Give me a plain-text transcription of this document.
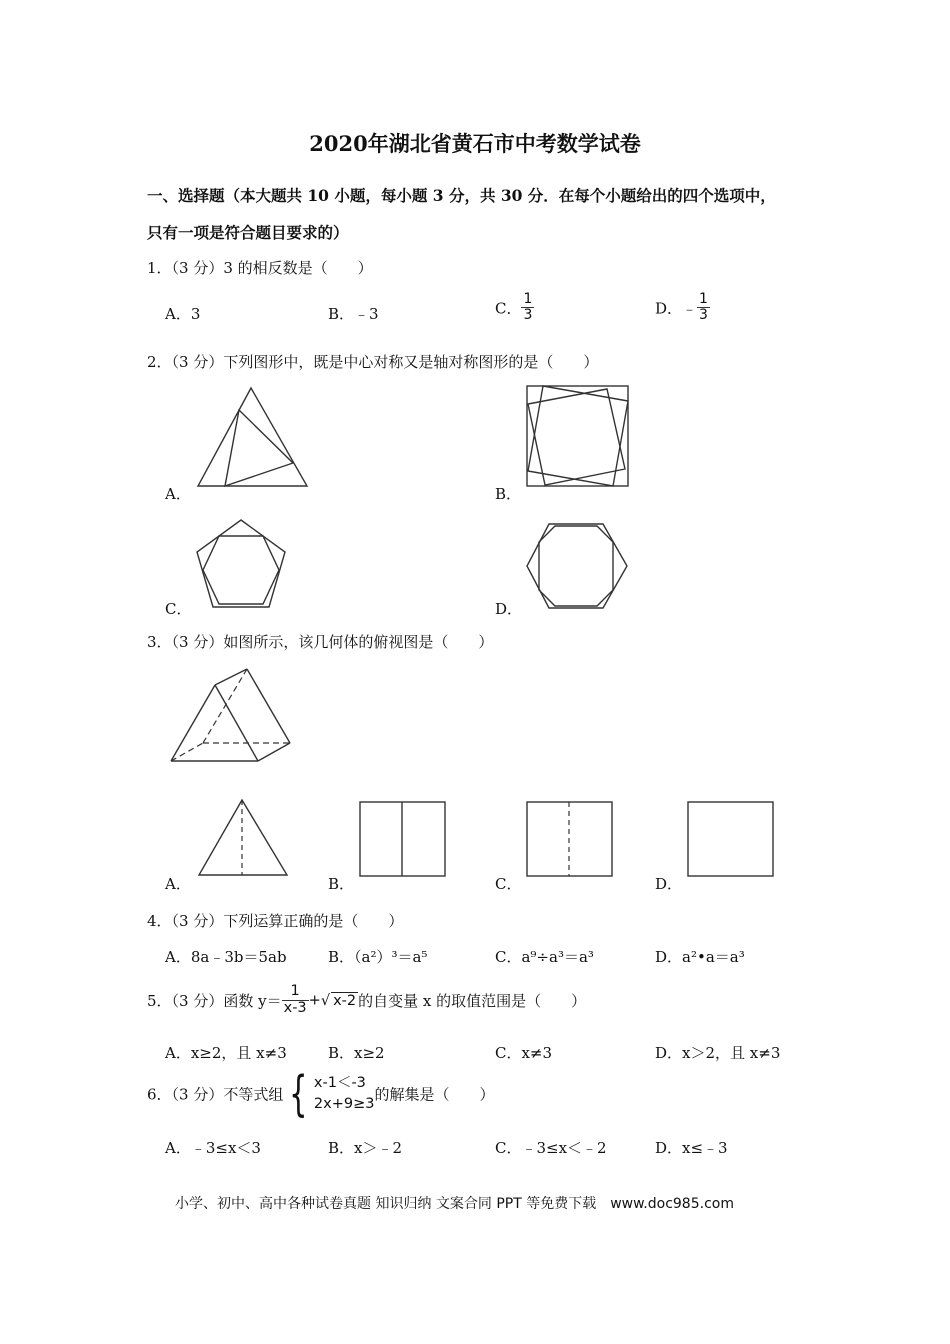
2020年湖北省黄石市中考数学试卷
一、选择题（本大题共 10 小题，每小题 3 分，共 30 分．在每个小题给出的四个选项中，
只有一项是符合题目要求的）
1．（3 分）3 的相反数是（　　）
A．3	B．﹣3	C． $\frac{1}{3}$	D．﹣ $\frac{1}{3}$
2．（3 分）下列图形中，既是中心对称又是轴对称图形的是（　　）
A．	B．
C．	D．
3．（3 分）如图所示，该几何体的俯视图是（　　）
A．	B．	C．	D．
4．（3 分）下列运算正确的是（　　）
A．8a﹣3b＝5ab	B．（a²）³＝a⁵	C．a⁹÷a³＝a³	D．a²•a＝a³
5．（3 分）函数 $y= \frac{1}{x-3}$ +√ x-2 的自变量 x 的取值范围是（　　）
A．x≥2，且 x≠3	B．x≥2	C．x≠3	D．x＞2，且 x≠3
6．（3 分）不等式组 { x-1＜-3
2x+9≥3
的解集是（　　）
A．﹣3≤x＜3	B．x＞﹣2	C．﹣3≤x＜﹣2	D．x≤﹣3
小学、初中、高中各种试卷真题 知识归纳 文案合同 PPT 等免费下载　www.doc985.com
